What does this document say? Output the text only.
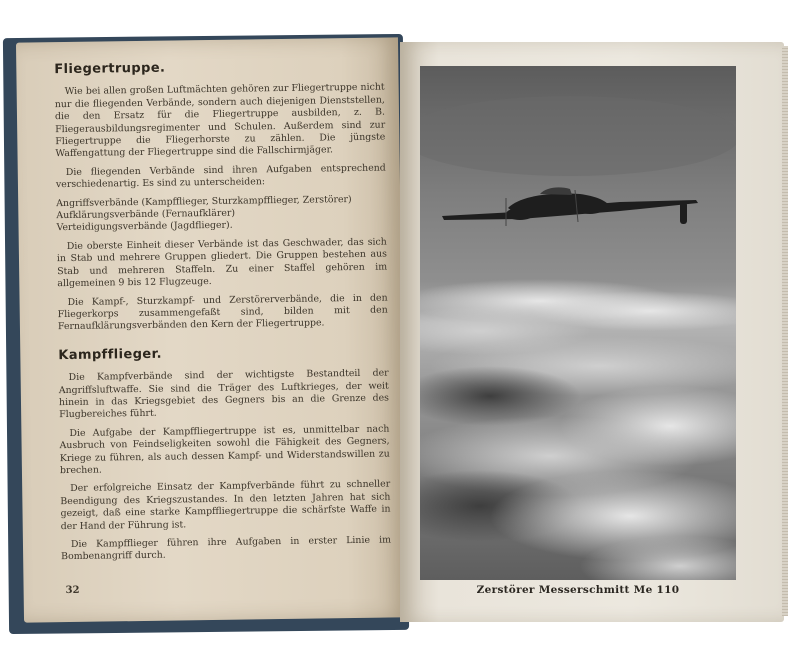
Fliegertruppe.

Wie bei allen großen Luftmächten gehören zur Fliegertruppe nicht nur die fliegenden Verbände, sondern auch diejenigen Dienststellen, die den Ersatz für die Fliegertruppe ausbilden, z. B. Fliegerausbildungsregimenter und Schulen. Außerdem sind zur Fliegertruppe die Fliegerhorste zu zählen. Die jüngste Waffengattung der Fliegertruppe sind die Fallschirmjäger.

Die fliegenden Verbände sind ihren Aufgaben entsprechend verschiedenartig. Es sind zu unterscheiden:

Angriffsverbände (Kampfflieger, Sturzkampfflieger, Zerstörer)
Aufklärungsverbände (Fernaufklärer)
Verteidigungsverbände (Jagdflieger).

Die oberste Einheit dieser Verbände ist das Geschwader, das sich in Stab und mehrere Gruppen gliedert. Die Gruppen bestehen aus Stab und mehreren Staffeln. Zu einer Staffel gehören im allgemeinen 9 bis 12 Flugzeuge.

Die Kampf-, Sturzkampf- und Zerstörerverbände, die in den Fliegerkorps zusammengefaßt sind, bilden mit den Fernaufklärungsverbänden den Kern der Fliegertruppe.

Kampfflieger.

Die Kampfverbände sind der wichtigste Bestandteil der Angriffsluftwaffe. Sie sind die Träger des Luftkrieges, der weit hinein in das Kriegsgebiet des Gegners bis an die Grenze des Flugbereiches führt.

Die Aufgabe der Kampffliegertruppe ist es, unmittelbar nach Ausbruch von Feindseligkeiten sowohl die Fähigkeit des Gegners, Kriege zu führen, als auch dessen Kampf- und Widerstandswillen zu brechen.

Der erfolgreiche Einsatz der Kampfverbände führt zu schneller Beendigung des Kriegszustandes. In den letzten Jahren hat sich gezeigt, daß eine starke Kampffliegertruppe die schärfste Waffe in der Hand der Führung ist.

Die Kampfflieger führen ihre Aufgaben in erster Linie im Bombenangriff durch.

32	Zerstörer Messerschmitt Me 110
